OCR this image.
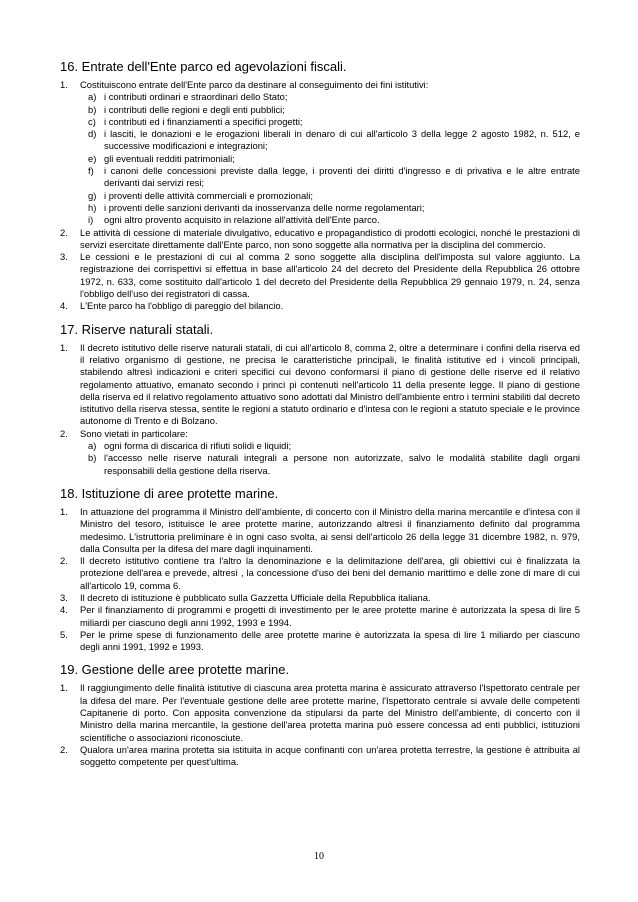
16. Entrate dell'Ente parco ed agevolazioni fiscali.
1.	Costituiscono entrate dell'Ente parco da destinare al conseguimento dei fini istitutivi:
a) i contributi ordinari e straordinari dello Stato;
b) i contributi delle regioni e degli enti pubblici;
c) i contributi ed i finanziamenti a specifici progetti;
d) i lasciti, le donazioni e le erogazioni liberali in denaro di cui all'articolo 3 della legge 2 agosto 1982, n. 512, e successive modificazioni e integrazioni;
e) gli eventuali redditi patrimoniali;
f)	i canoni delle concessioni previste dalla legge, i proventi dei diritti d'ingresso e di privativa e le altre entrate derivanti dai servizi resi;
g) i proventi delle attività commerciali e promozionali;
h) i proventi delle sanzioni derivanti da inosservanza delle norme regolamentari;
i)	ogni altro provento acquisito in relazione all'attività dell'Ente parco.
2.	Le attività di cessione di materiale divulgativo, educativo e propagandistico di prodotti ecologici, nonché le prestazioni di servizi esercitate direttamente dall'Ente parco, non sono soggette alla normativa per la disciplina del commercio.
3.	Le cessioni e le prestazioni di cui al comma 2 sono soggette alla disciplina dell'imposta sul valore aggiunto. La registrazione dei corrispettivi si effettua in base all'articolo 24 del decreto del Presidente della Repubblica 26 ottobre 1972, n. 633, come sostituito dall'articolo 1 del decreto del Presidente della Repubblica 29 gennaio 1979, n. 24, senza l'obbligo dell'uso dei registratori di cassa.
4.	L'Ente parco ha l'obbligo di pareggio del bilancio.
17. Riserve naturali statali.
1.	Il decreto istitutivo delle riserve naturali statali, di cui all'articolo 8, comma 2, oltre a determinare i confini della riserva ed il relativo organismo di gestione, ne precisa le caratteristiche principali, le finalità istitutive ed i vincoli principali, stabilendo altresì indicazioni e criteri specifici cui devono conformarsi il piano di gestione delle riserve ed il relativo regolamento attuativo, emanato secondo i princì pi contenuti nell'articolo 11 della presente legge. Il piano di gestione della riserva ed il relativo regolamento attuativo sono adottati dal Ministro dell'ambiente entro i termini stabiliti dal decreto istitutivo della riserva stessa, sentite le regioni a statuto ordinario e d'intesa con le regioni a statuto speciale e le province autonome di Trento e di Bolzano.
2.	Sono vietati in particolare:
a) ogni forma di discarica di rifiuti solidi e liquidi;
b) l'accesso nelle riserve naturali integrali a persone non autorizzate, salvo le modalità stabilite dagli organi responsabili della gestione della riserva.
18. Istituzione di aree protette marine.
1.	In attuazione del programma il Ministro dell'ambiente, di concerto con il Ministro della marina mercantile e d'intesa con il Ministro del tesoro, istituisce le aree protette marine, autorizzando altresì il finanziamento definito dal programma medesimo. L'istruttoria preliminare è in ogni caso svolta, ai sensi dell'articolo 26 della legge 31 dicembre 1982, n. 979, dalla Consulta per la difesa del mare dagli inquinamenti.
2.	Il decreto istitutivo contiene tra l'altro la denominazione e la delimitazione dell'area, gli obiettivi cui è finalizzata la protezione dell'area e prevede, altresì , la concessione d'uso dei beni del demanio marittimo e delle zone di mare di cui all'articolo 19, comma 6.
3.	Il decreto di istituzione è pubblicato sulla Gazzetta Ufficiale della Repubblica italiana.
4.	Per il finanziamento di programmi e progetti di investimento per le aree protette marine è autorizzata la spesa di lire 5 miliardi per ciascuno degli anni 1992, 1993 e 1994.
5.	Per le prime spese di funzionamento delle aree protette marine è autorizzata la spesa di lire 1 miliardo per ciascuno degli anni 1991, 1992 e 1993.
19. Gestione delle aree protette marine.
1.	Il raggiungimento delle finalità istitutive di ciascuna area protetta marina è assicurato attraverso l'Ispettorato centrale per la difesa del mare. Per l'eventuale gestione delle aree protette marine, l'Ispettorato centrale si avvale delle competenti Capitanerie di porto. Con apposita convenzione da stipularsi da parte del Ministro dell'ambiente, di concerto con il Ministro della marina mercantile, la gestione dell'area protetta marina può essere concessa ad enti pubblici, istituzioni scientifiche o associazioni riconosciute.
2.	Qualora un'area marina protetta sia istituita in acque confinanti con un'area protetta terrestre, la gestione è attribuita al soggetto competente per quest'ultima.
10
